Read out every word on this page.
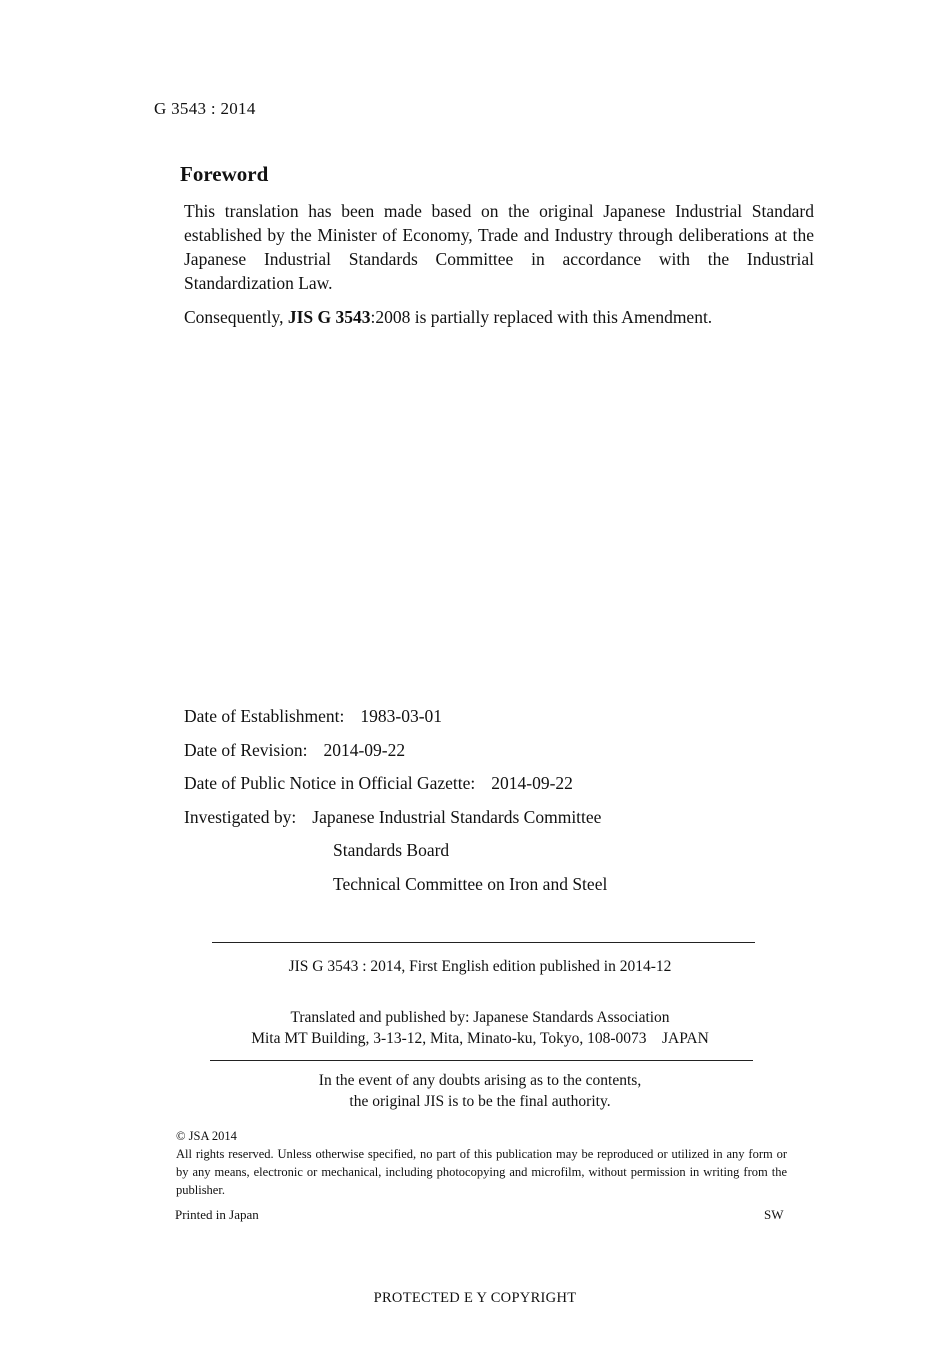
G 3543 : 2014
Foreword
This translation has been made based on the original Japanese Industrial Standard established by the Minister of Economy, Trade and Industry through deliberations at the Japanese Industrial Standards Committee in accordance with the Industrial Standardization Law.
Consequently, JIS G 3543:2008 is partially replaced with this Amendment.
Date of Establishment: 1983-03-01
Date of Revision: 2014-09-22
Date of Public Notice in Official Gazette: 2014-09-22
Investigated by: Japanese Industrial Standards Committee
Standards Board
Technical Committee on Iron and Steel
JIS G 3543 : 2014, First English edition published in 2014-12
Translated and published by: Japanese Standards Association
Mita MT Building, 3-13-12, Mita, Minato-ku, Tokyo, 108-0073    JAPAN
In the event of any doubts arising as to the contents,
the original JIS is to be the final authority.
© JSA 2014
All rights reserved. Unless otherwise specified, no part of this publication may be reproduced or utilized in any form or by any means, electronic or mechanical, including photocopying and microfilm, without permission in writing from the publisher.
Printed in Japan	SW
PROTECTED E Y COPYRIGHT
